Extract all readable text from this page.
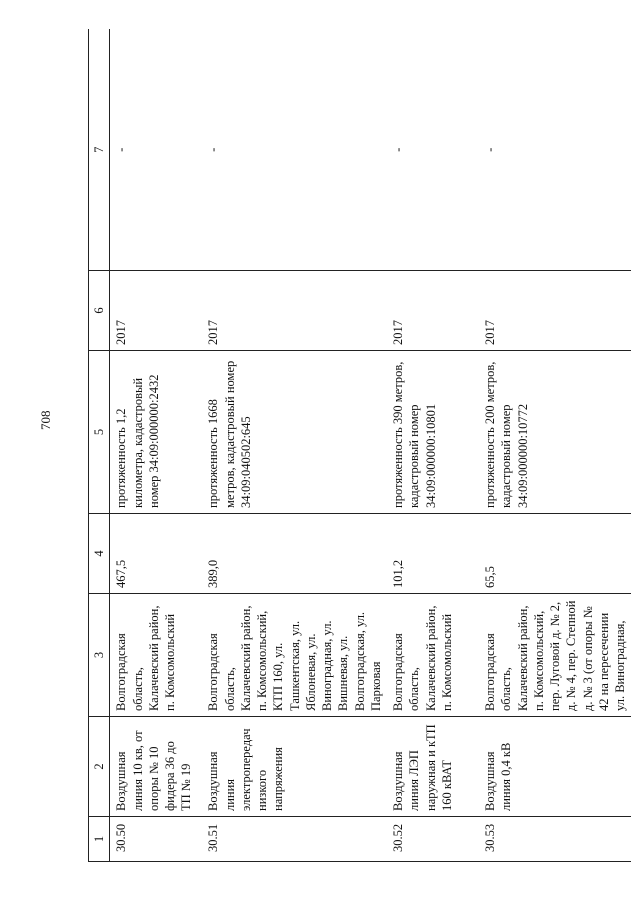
708
1	2	3	4	5	6	7
30.50	Воздушная линия 10 кв, от опоры № 10 фидера 36 до ТП № 19	Волгоградская область, Калачевский район, п. Комсомольский	467,5	протяженность 1,2 километра, кадастровый номер 34:09:000000:2432	2017	-
30.51	Воздушная линия электропередач низкого напряжения	Волгоградская область, Калачевский район, п. Комсомольский, КТП 160, ул. Ташкентская, ул. Яблоневая, ул. Виноградная, ул. Вишневая, ул. Волгоградская, ул. Парковая	389,0	протяженность 1668 метров, кадастровый номер 34:09:040502:645	2017	-
30.52	Воздушная линия ЛЭП наружная и кТП 160 кВАТ	Волгоградская область, Калачевский район, п. Комсомольский	101,2	протяженность 390 метров, кадастровый номер 34:09:000000:10801	2017	-
30.53	Воздушная линия 0,4 кВ	Волгоградская область, Калачевский район, п. Комсомольский, пер. Луговой д. № 2, д. № 4, пер. Степной д. № 3 (от опоры № 42 на пересечении ул. Виноградная,	65,5	протяженность 200 метров, кадастровый номер 34:09:000000:10772	2017	-
